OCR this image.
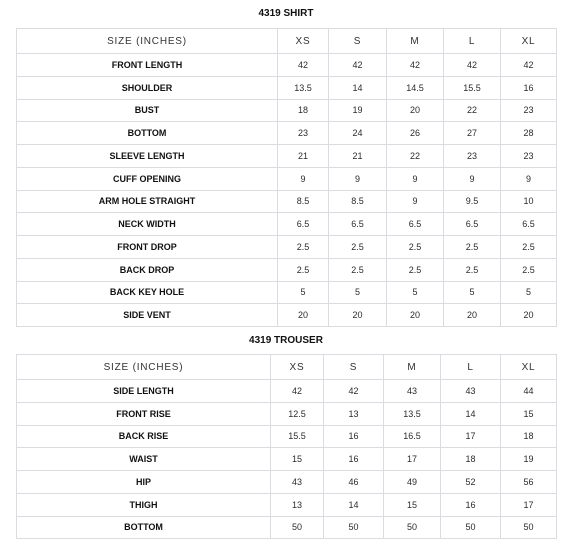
4319 SHIRT
SIZE (INCHES)	XS	S	M	L	XL
FRONT LENGTH	42	42	42	42	42
SHOULDER	13.5	14	14.5	15.5	16
BUST	18	19	20	22	23
BOTTOM	23	24	26	27	28
SLEEVE LENGTH	21	21	22	23	23
CUFF OPENING	9	9	9	9	9
ARM HOLE STRAIGHT	8.5	8.5	9	9.5	10
NECK WIDTH	6.5	6.5	6.5	6.5	6.5
FRONT DROP	2.5	2.5	2.5	2.5	2.5
BACK DROP	2.5	2.5	2.5	2.5	2.5
BACK KEY HOLE	5	5	5	5	5
SIDE VENT	20	20	20	20	20
4319 TROUSER
SIZE (INCHES)	XS	S	M	L	XL
SIDE LENGTH	42	42	43	43	44
FRONT RISE	12.5	13	13.5	14	15
BACK RISE	15.5	16	16.5	17	18
WAIST	15	16	17	18	19
HIP	43	46	49	52	56
THIGH	13	14	15	16	17
BOTTOM	50	50	50	50	50
